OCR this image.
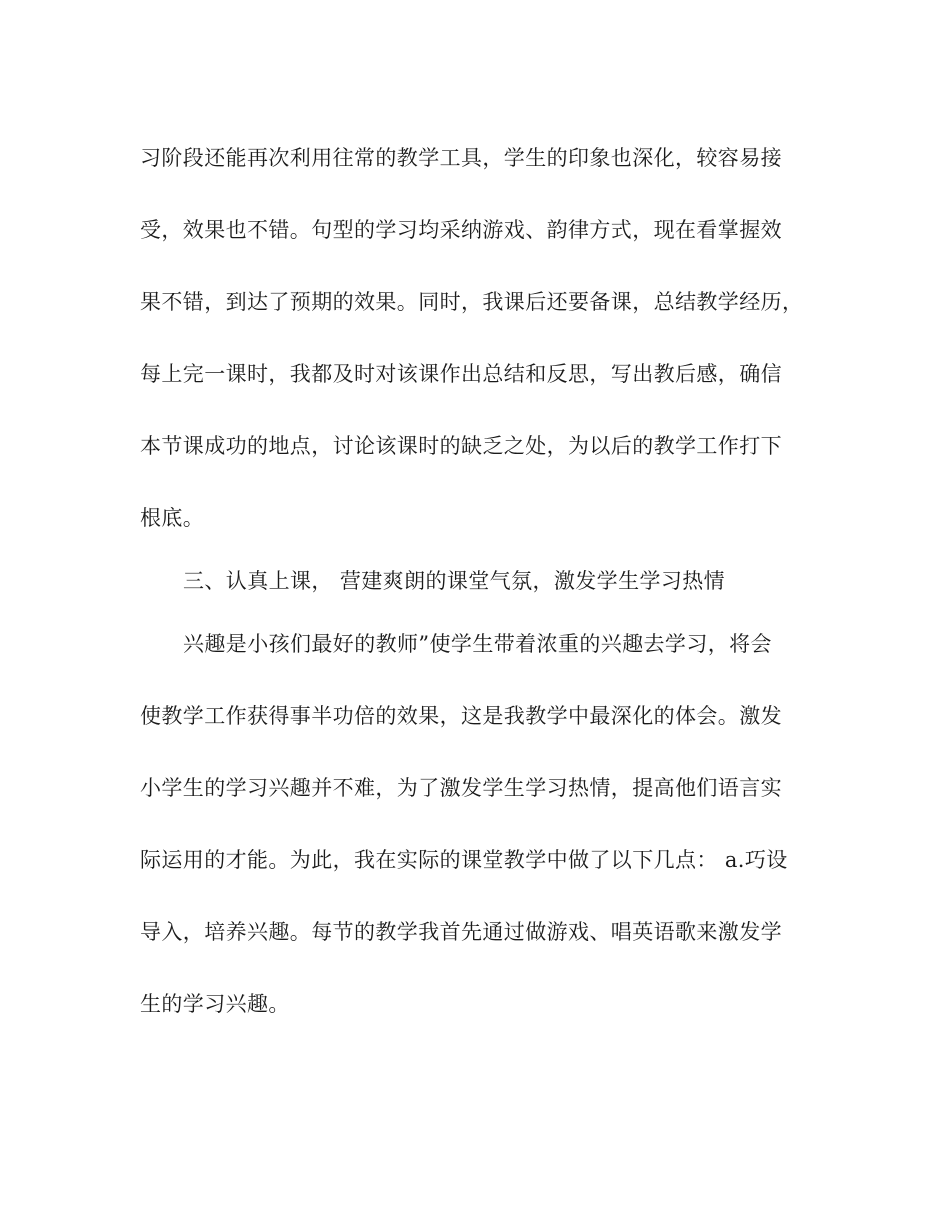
习阶段还能再次利用往常的教学工具，学生的印象也深化，较容易接

受，效果也不错。句型的学习均采纳游戏、韵律方式，现在看掌握效

果不错，到达了预期的效果。同时，我课后还要备课，总结教学经历，

每上完一课时，我都及时对该课作出总结和反思，写出教后感，确信

本节课成功的地点，讨论该课时的缺乏之处，为以后的教学工作打下

根底。

三、认真上课， 营建爽朗的课堂气氛，激发学生学习热情

兴趣是小孩们最好的教师”使学生带着浓重的兴趣去学习，将会

使教学工作获得事半功倍的效果，这是我教学中最深化的体会。激发

小学生的学习兴趣并不难，为了激发学生学习热情，提高他们语言实

际运用的才能。为此，我在实际的课堂教学中做了以下几点： a.巧设

导入，培养兴趣。每节的教学我首先通过做游戏、唱英语歌来激发学

生的学习兴趣。
